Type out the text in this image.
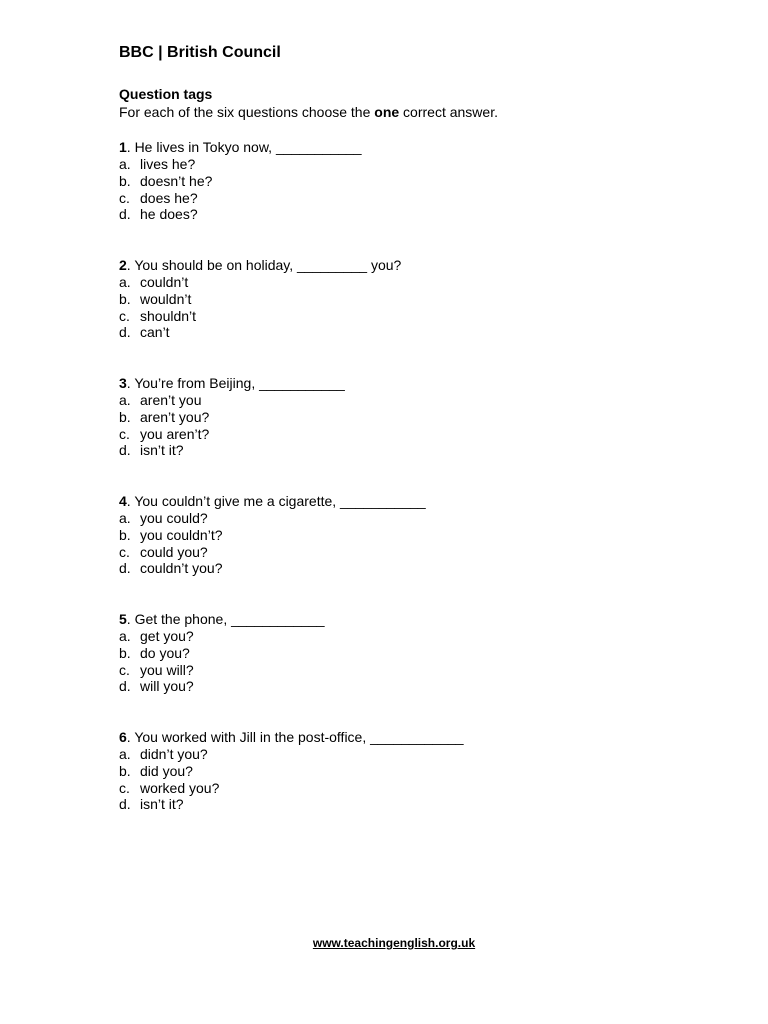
BBC | British Council
Question tags
For each of the six questions choose the one correct answer.
1. He lives in Tokyo now, ___________
a. lives he?
b. doesn’t he?
c. does he?
d. he does?
2. You should be on holiday, _________ you?
a. couldn’t
b. wouldn’t
c. shouldn’t
d. can’t
3. You’re from Beijing, ___________
a. aren’t you
b. aren’t you?
c. you aren’t?
d. isn’t it?
4. You couldn’t give me a cigarette, ___________
a. you could?
b. you couldn’t?
c. could you?
d. couldn’t you?
5. Get the phone, ____________
a. get you?
b. do you?
c. you will?
d. will you?
6. You worked with Jill in the post-office, ____________
a. didn’t you?
b. did you?
c. worked you?
d. isn’t it?
www.teachingenglish.org.uk
